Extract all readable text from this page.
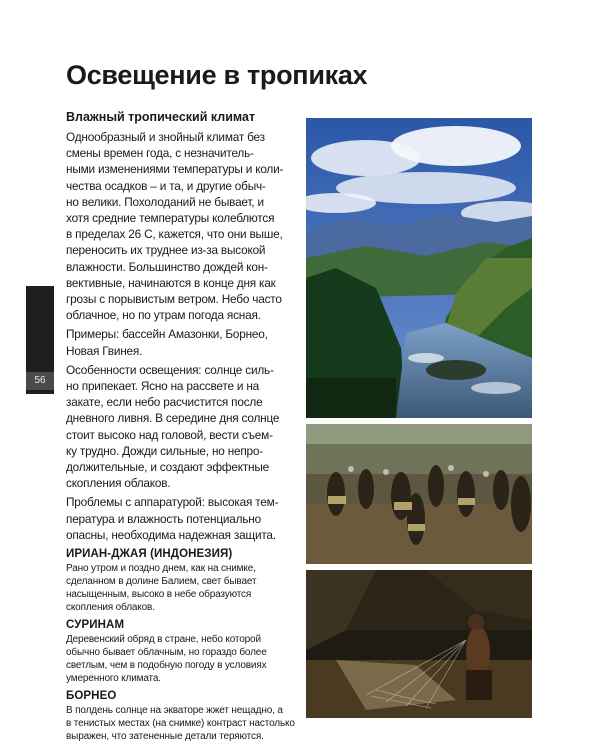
Освещение в тропиках
56
Влажный тропический климат
Однообразный и знойный климат без
смены времен года, с незначитель-
ными изменениями температуры и коли-
чества осадков – и та, и другие обыч-
но велики. Похолоданий не бывает, и
хотя средние температуры колеблются
в пределах 26 С, кажется, что они выше,
переносить их труднее из-за высокой
влажности. Большинство дождей кон-
вективные, начинаются в конце дня как
грозы с порывистым ветром. Небо часто
облачное, но по утрам погода ясная.
Примеры: бассейн Амазонки, Борнео,
Новая Гвинея.
Особенности освещения: солнце силь-
но припекает. Ясно на рассвете и на
закате, если небо расчистится после
дневного ливня. В середине дня солнце
стоит высоко над головой, вести съем-
ку трудно. Дожди сильные, но непро-
должительные, и создают эффектные
скопления облаков.
Проблемы с аппаратурой: высокая тем-
пература и влажность потенциально
опасны, необходима надежная защита.
ИРИАН-ДЖАЯ (ИНДОНЕЗИЯ)
Рано утром и поздно днем, как на снимке,
сделанном в долине Балием, свет бывает
насыщенным, высоко в небе образуются
скопления облаков.
СУРИНАМ
Деревенский обряд в стране, небо которой
обычно бывает облачным, но гораздо более
светлым, чем в подобную погоду в условиях
умеренного климата.
БОРНЕО
В полдень солнце на экваторе жжет нещадно, а
в тенистых местах (на снимке) контраст настолько
выражен, что затененные детали теряются.
